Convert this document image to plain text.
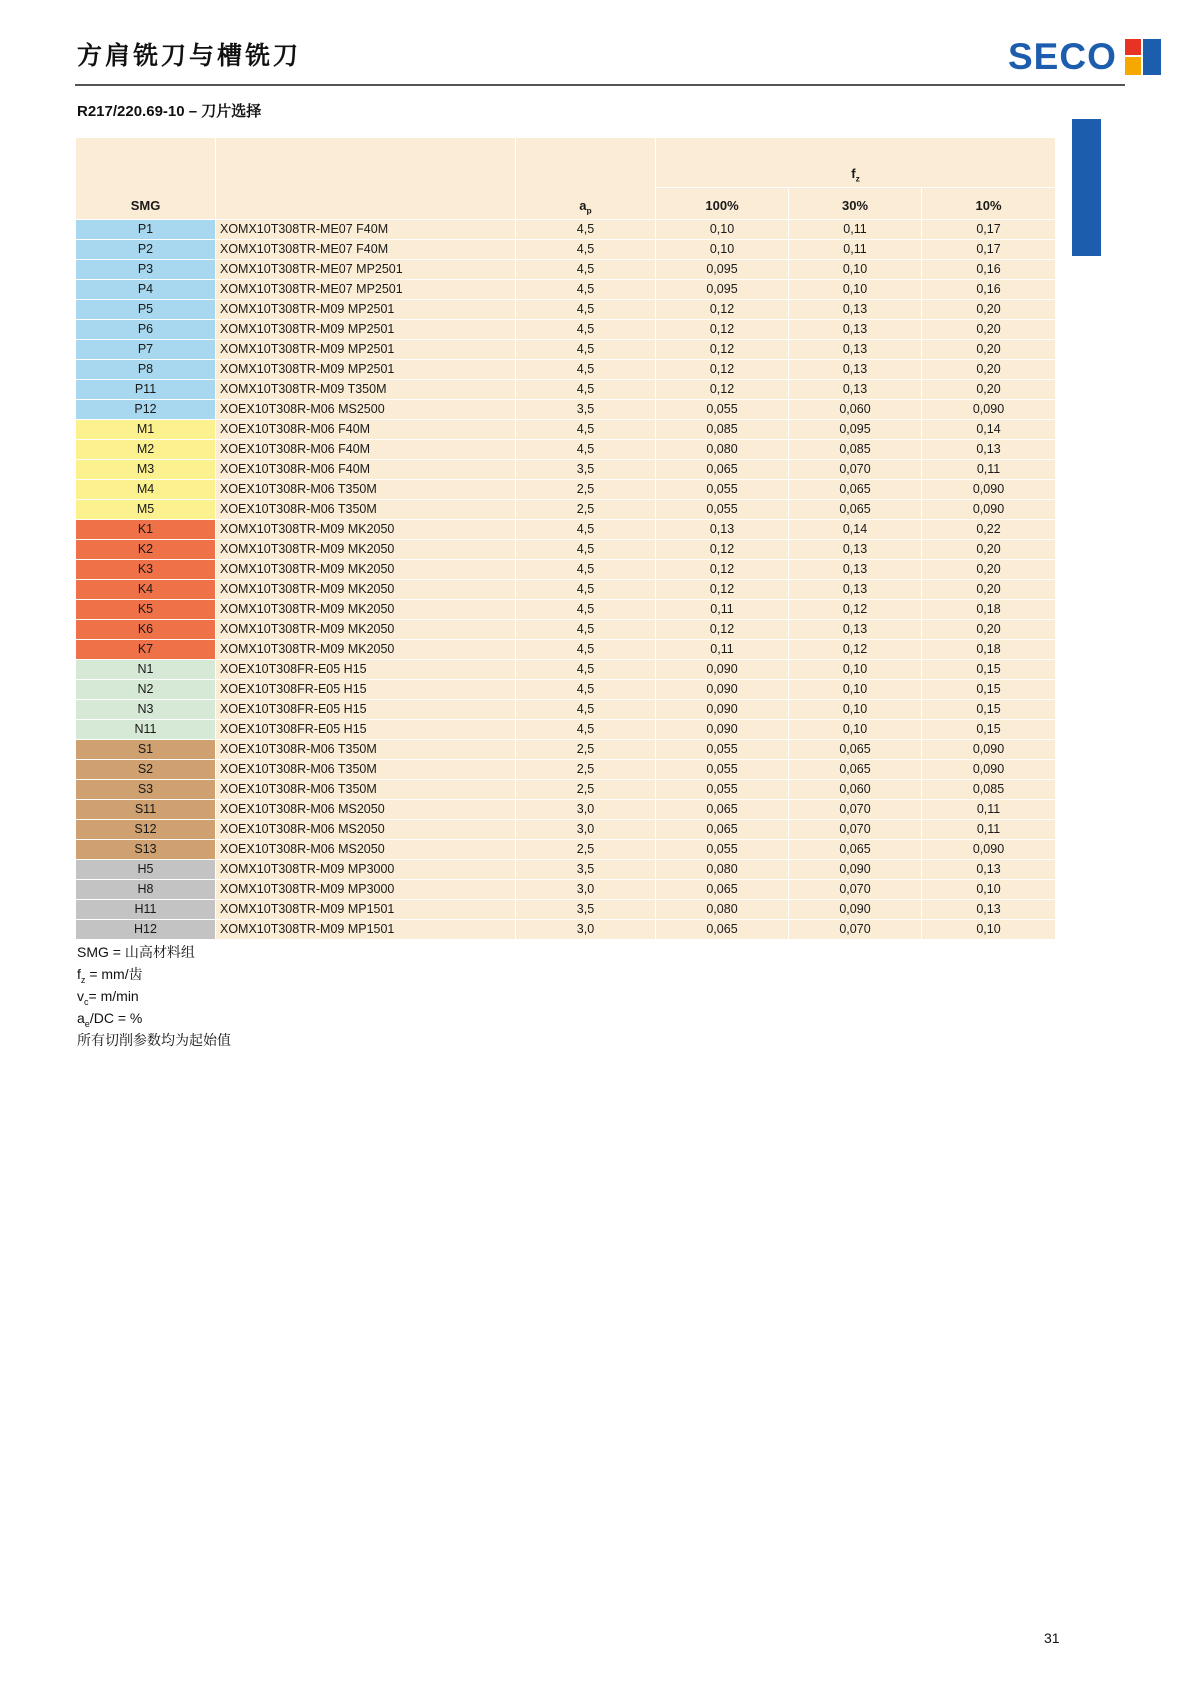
方肩铣刀与槽铣刀	SECO
R217/220.69-10 – 刀片选择
SMG		$a_p$	$f_z$
			100%	30%	10%
P1	XOMX10T308TR-ME07 F40M	4,5	0,10	0,11	0,17
P2	XOMX10T308TR-ME07 F40M	4,5	0,10	0,11	0,17
P3	XOMX10T308TR-ME07 MP2501	4,5	0,095	0,10	0,16
P4	XOMX10T308TR-ME07 MP2501	4,5	0,095	0,10	0,16
P5	XOMX10T308TR-M09 MP2501	4,5	0,12	0,13	0,20
P6	XOMX10T308TR-M09 MP2501	4,5	0,12	0,13	0,20
P7	XOMX10T308TR-M09 MP2501	4,5	0,12	0,13	0,20
P8	XOMX10T308TR-M09 MP2501	4,5	0,12	0,13	0,20
P11	XOMX10T308TR-M09 T350M	4,5	0,12	0,13	0,20
P12	XOEX10T308R-M06 MS2500	3,5	0,055	0,060	0,090
M1	XOEX10T308R-M06 F40M	4,5	0,085	0,095	0,14
M2	XOEX10T308R-M06 F40M	4,5	0,080	0,085	0,13
M3	XOEX10T308R-M06 F40M	3,5	0,065	0,070	0,11
M4	XOEX10T308R-M06 T350M	2,5	0,055	0,065	0,090
M5	XOEX10T308R-M06 T350M	2,5	0,055	0,065	0,090
K1	XOMX10T308TR-M09 MK2050	4,5	0,13	0,14	0,22
K2	XOMX10T308TR-M09 MK2050	4,5	0,12	0,13	0,20
K3	XOMX10T308TR-M09 MK2050	4,5	0,12	0,13	0,20
K4	XOMX10T308TR-M09 MK2050	4,5	0,12	0,13	0,20
K5	XOMX10T308TR-M09 MK2050	4,5	0,11	0,12	0,18
K6	XOMX10T308TR-M09 MK2050	4,5	0,12	0,13	0,20
K7	XOMX10T308TR-M09 MK2050	4,5	0,11	0,12	0,18
N1	XOEX10T308FR-E05 H15	4,5	0,090	0,10	0,15
N2	XOEX10T308FR-E05 H15	4,5	0,090	0,10	0,15
N3	XOEX10T308FR-E05 H15	4,5	0,090	0,10	0,15
N11	XOEX10T308FR-E05 H15	4,5	0,090	0,10	0,15
S1	XOEX10T308R-M06 T350M	2,5	0,055	0,065	0,090
S2	XOEX10T308R-M06 T350M	2,5	0,055	0,065	0,090
S3	XOEX10T308R-M06 T350M	2,5	0,055	0,060	0,085
S11	XOEX10T308R-M06 MS2050	3,0	0,065	0,070	0,11
S12	XOEX10T308R-M06 MS2050	3,0	0,065	0,070	0,11
S13	XOEX10T308R-M06 MS2050	2,5	0,055	0,065	0,090
H5	XOMX10T308TR-M09 MP3000	3,5	0,080	0,090	0,13
H8	XOMX10T308TR-M09 MP3000	3,0	0,065	0,070	0,10
H11	XOMX10T308TR-M09 MP1501	3,5	0,080	0,090	0,13
H12	XOMX10T308TR-M09 MP1501	3,0	0,065	0,070	0,10
SMG = 山高材料组
$f_z = mm/$齿
$v_c= m/\min$
$a_e/DC$ = %
所有切削参数均为起始值
31
